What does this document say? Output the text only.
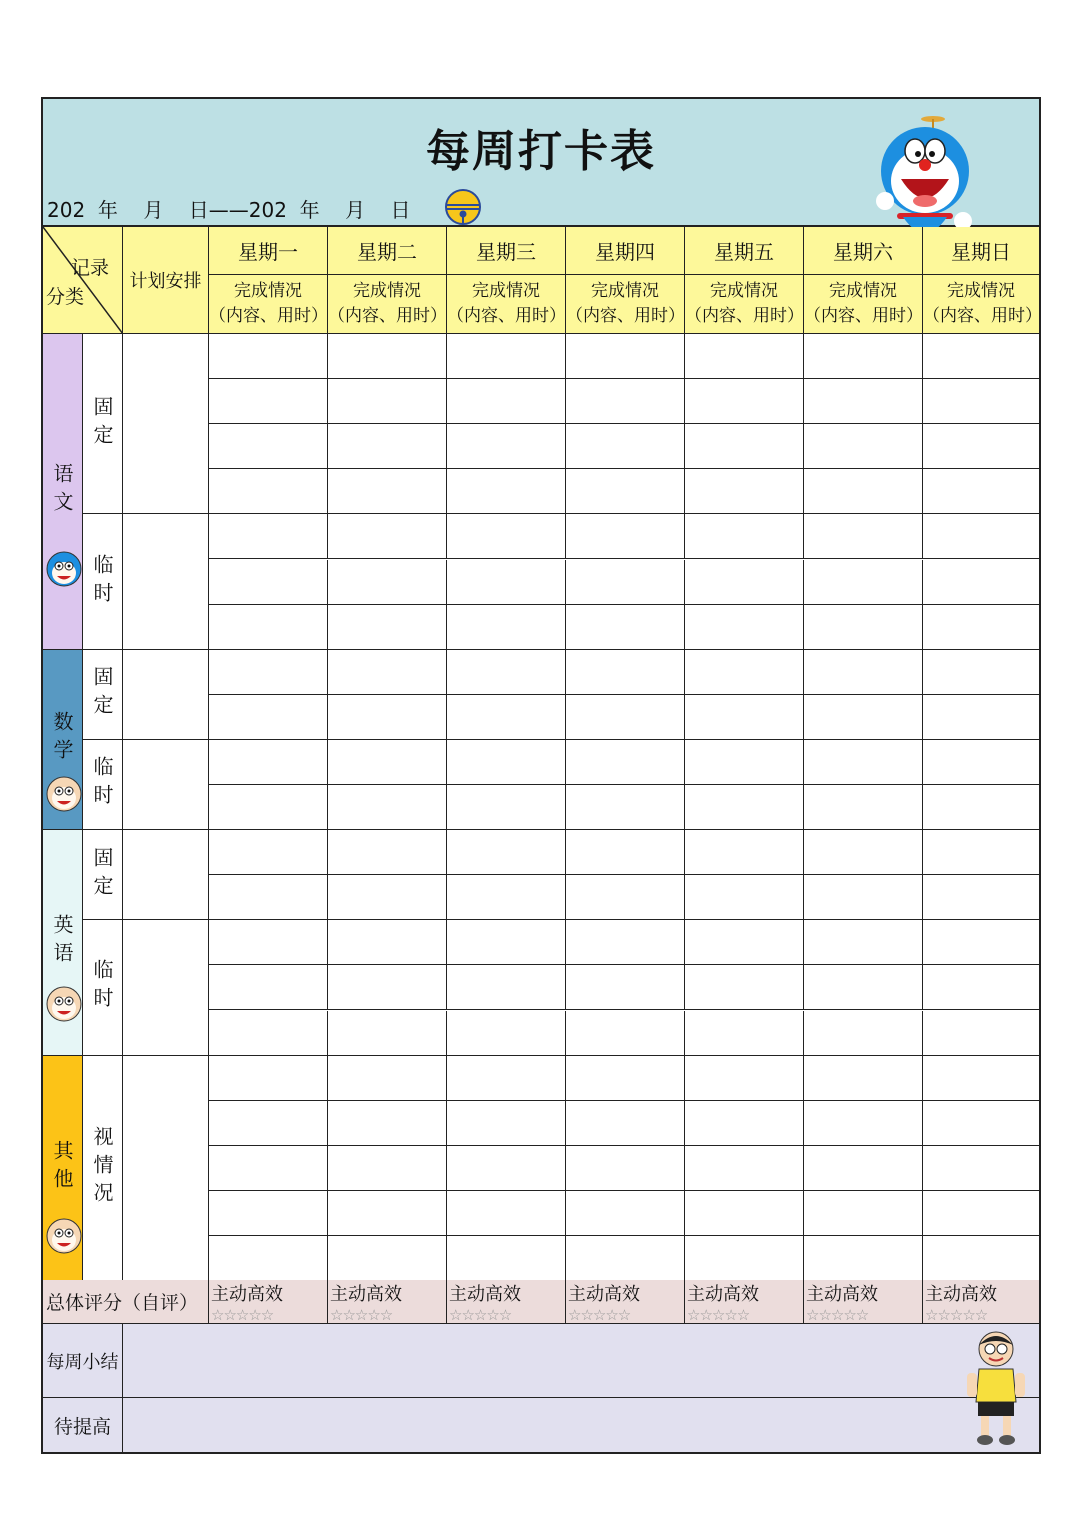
每周打卡表
202  年    月    日——202  年    月    日
记录
分类
计划安排
星期一
完成情况
（内容、用时）
星期二
完成情况
（内容、用时）
星期三
完成情况
（内容、用时）
星期四
完成情况
（内容、用时）
星期五
完成情况
（内容、用时）
星期六
完成情况
（内容、用时）
星期日
完成情况
（内容、用时）
语文
固定
临时
数学
固定
临时
英语
固定
临时
其他 视情况
总体评分（自评） 主动高效
☆☆☆☆☆
主动高效
☆☆☆☆☆
主动高效
☆☆☆☆☆
主动高效
☆☆☆☆☆
主动高效
☆☆☆☆☆
主动高效
☆☆☆☆☆
主动高效
☆☆☆☆☆
每周小结
待提高
